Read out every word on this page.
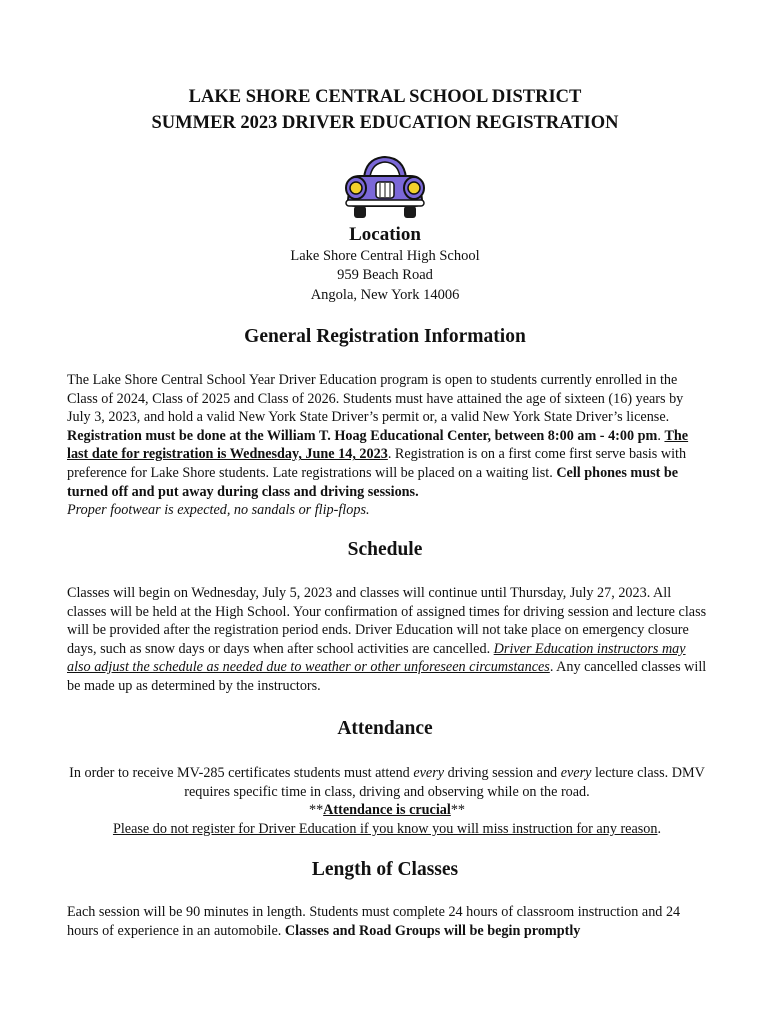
LAKE SHORE CENTRAL SCHOOL DISTRICT
SUMMER 2023 DRIVER EDUCATION REGISTRATION
Location
Lake Shore Central High School
959 Beach Road
Angola, New York 14006
General Registration Information
The Lake Shore Central School Year Driver Education program is open to students currently enrolled in the Class of 2024, Class of 2025 and Class of 2026. Students must have attained the age of sixteen (16) years by July 3, 2023, and hold a valid New York State Driver’s permit or, a valid New York State Driver’s license. Registration must be done at the William T. Hoag Educational Center, between 8:00 am - 4:00 pm. The last date for registration is Wednesday, June 14, 2023. Registration is on a first come first serve basis with preference for Lake Shore students. Late registrations will be placed on a waiting list. Cell phones must be turned off and put away during class and driving sessions.
Proper footwear is expected, no sandals or flip-flops.
Schedule
Classes will begin on Wednesday, July 5, 2023 and classes will continue until Thursday, July 27, 2023. All classes will be held at the High School. Your confirmation of assigned times for driving session and lecture class will be provided after the registration period ends. Driver Education will not take place on emergency closure days, such as snow days or days when after school activities are cancelled. Driver Education instructors may also adjust the schedule as needed due to weather or other unforeseen circumstances. Any cancelled classes will be made up as determined by the instructors.
Attendance
In order to receive MV-285 certificates students must attend every driving session and every lecture class. DMV requires specific time in class, driving and observing while on the road.
**Attendance is crucial**
Please do not register for Driver Education if you know you will miss instruction for any reason.
Length of Classes
Each session will be 90 minutes in length. Students must complete 24 hours of classroom instruction and 24 hours of experience in an automobile. Classes and Road Groups will be begin promptly
